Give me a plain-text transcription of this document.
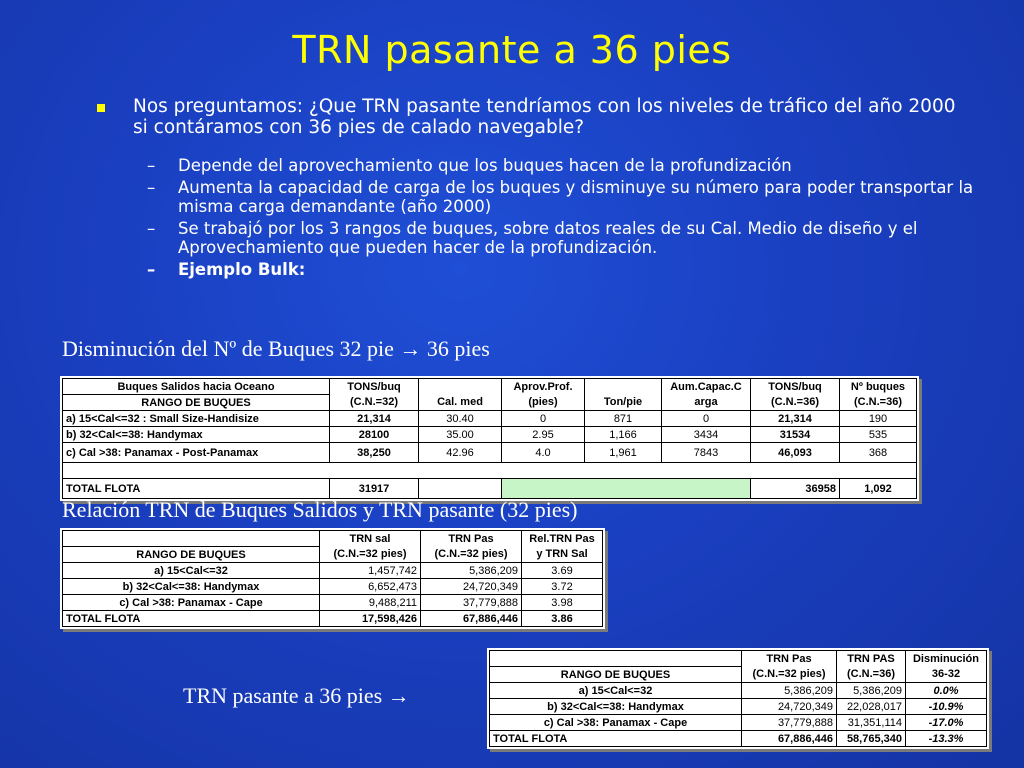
TRN pasante a 36 pies
Nos preguntamos: ¿Que TRN pasante tendríamos con los niveles de tráfico del año 2000 si contáramos con 36 pies de calado navegable?
– Depende del aprovechamiento que los buques hacen de la profundización
– Aumenta la capacidad de carga de los buques y disminuye su número para poder transportar la misma carga demandante (año 2000)
– Se trabajó por los 3 rangos de buques, sobre datos reales de su Cal. Medio de diseño y el Aprovechamiento que pueden hacer de la profundización.
– Ejemplo Bulk:
Disminución del Nº de Buques 32 pie → 36 pies
Buques Salidos hacia Oceano	TONS/buq		Aprov.Prof.		Aum.Capac.C	TONS/buq	Nº buques
RANGO DE BUQUES	(C.N.=32)	Cal. med	(pies)	Ton/pie	arga	(C.N.=36)	(C.N.=36)
a) 15<Cal<=32 : Small Size-Handisize	21,314	30.40	0	871	0	21,314	190
b) 32<Cal<=38: Handymax	28100	35.00	2.95	1,166	3434	31534	535
c) Cal >38: Panamax - Post-Panamax	38,250	42.96	4.0	1,961	7843	46,093	368

TOTAL FLOTA	31917					36958	1,092
Relación TRN de Buques Salidos y TRN pasante (32 pies)
	TRN sal	TRN Pas	Rel.TRN Pas
RANGO DE BUQUES	(C.N.=32 pies)	(C.N.=32 pies)	y TRN Sal
a) 15<Cal<=32	1,457,742	5,386,209	3.69
b) 32<Cal<=38: Handymax	6,652,473	24,720,349	3.72
c) Cal >38: Panamax - Cape	9,488,211	37,779,888	3.98
TOTAL FLOTA	17,598,426	67,886,446	3.86
TRN pasante a 36 pies →
	TRN Pas	TRN PAS	Disminución
RANGO DE BUQUES	(C.N.=32 pies)	(C.N.=36)	36-32
a) 15<Cal<=32	5,386,209	5,386,209	0.0%
b) 32<Cal<=38: Handymax	24,720,349	22,028,017	-10.9%
c) Cal >38: Panamax - Cape	37,779,888	31,351,114	-17.0%
TOTAL FLOTA	67,886,446	58,765,340	-13.3%
